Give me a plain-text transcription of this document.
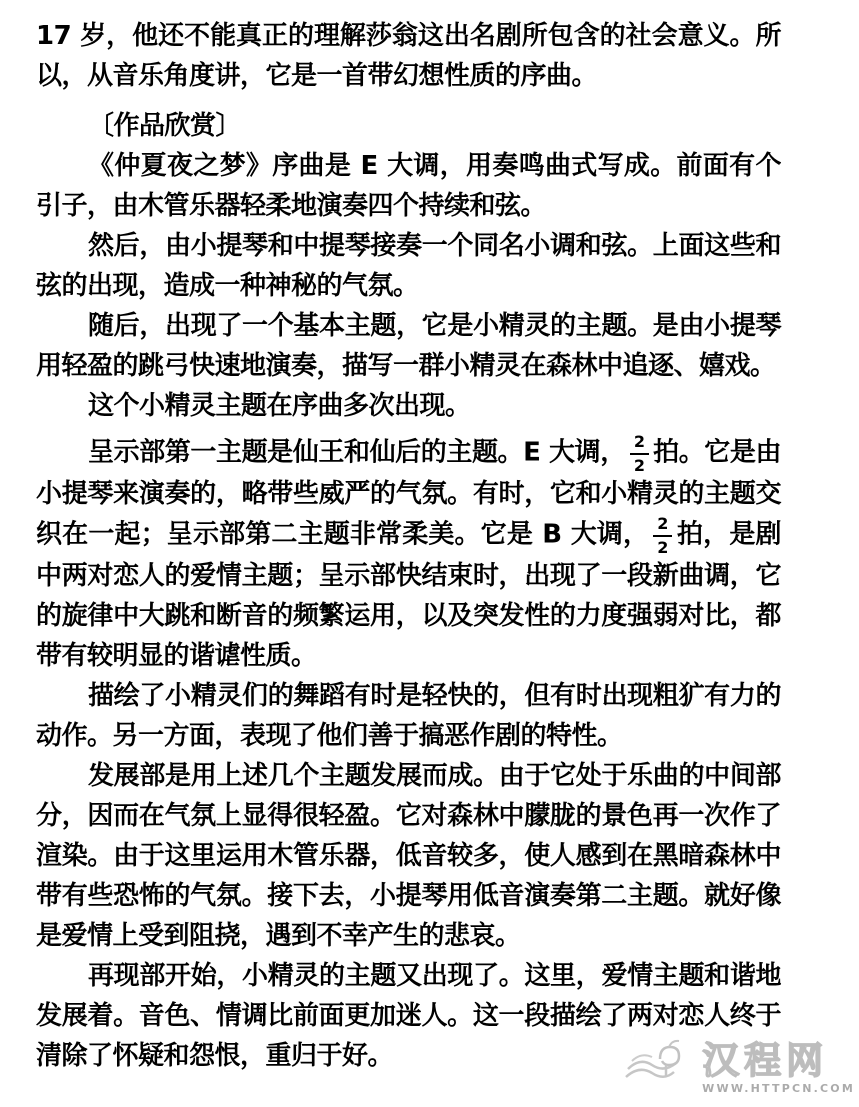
17 岁，他还不能真正的理解莎翁这出名剧所包含的社会意义。所以，从音乐角度讲，它是一首带幻想性质的序曲。

〔作品欣赏〕

《仲夏夜之梦》序曲是 E 大调，用奏鸣曲式写成。前面有个引子，由木管乐器轻柔地演奏四个持续和弦。

然后，由小提琴和中提琴接奏一个同名小调和弦。上面这些和弦的出现，造成一种神秘的气氛。

随后，出现了一个基本主题，它是小精灵的主题。是由小提琴用轻盈的跳弓快速地演奏，描写一群小精灵在森林中追逐、嬉戏。

这个小精灵主题在序曲多次出现。

呈示部第一主题是仙王和仙后的主题。E 大调， $\frac{2}{2}$ 拍。它是由小提琴来演奏的，略带些威严的气氛。有时，它和小精灵的主题交织在一起；呈示部第二主题非常柔美。它是 B 大调， $\frac{2}{2}$ 拍，是剧中两对恋人的爱情主题；呈示部快结束时，出现了一段新曲调，它的旋律中大跳和断音的频繁运用，以及突发性的力度强弱对比，都带有较明显的谐谑性质。

描绘了小精灵们的舞蹈有时是轻快的，但有时出现粗犷有力的动作。另一方面，表现了他们善于搞恶作剧的特性。

发展部是用上述几个主题发展而成。由于它处于乐曲的中间部分，因而在气氛上显得很轻盈。它对森林中朦胧的景色再一次作了渲染。由于这里运用木管乐器，低音较多，使人感到在黑暗森林中带有些恐怖的气氛。接下去，小提琴用低音演奏第二主题。就好像是爱情上受到阻挠，遇到不幸产生的悲哀。

再现部开始，小精灵的主题又出现了。这里，爱情主题和谐地发展着。音色、情调比前面更加迷人。这一段描绘了两对恋人终于清除了怀疑和怨恨，重归于好。	汉程网
WWW.HTTPCN.COM
